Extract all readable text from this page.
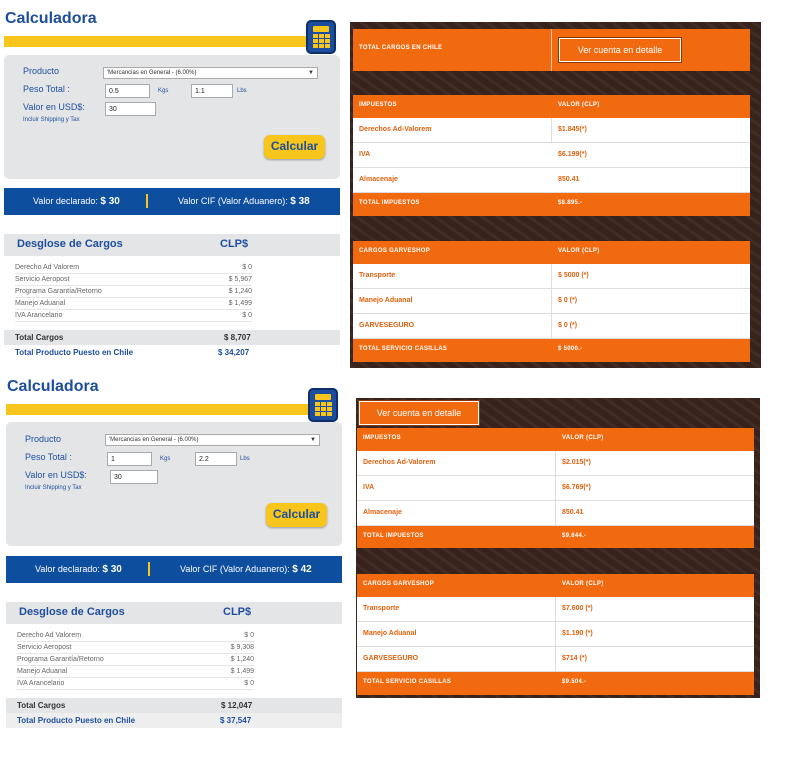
Calculadora
Producto	'Mercancias en General - (6.00%)	▼
Peso Total :	0.5	Kgs	1.1	Lbs
Valor en USD$:	30
Incluir Shipping y Tax
Calcular
Valor declarado: $ 30	Valor CIF (Valor Aduanero): $ 38
Desglose de Cargos	CLP$
Derecho Ad Valorem	$ 0
Servicio Aeropost	$ 5,967
Programa Garantía/Retorno	$ 1,240
Manejo Aduanal	$ 1,499
IVA Arancelario	$ 0
Total Cargos	$ 8,707
Total Producto Puesto en Chile	$ 34,207
TOTAL CARGOS EN CHILE	Ver cuenta en detalle
IMPUESTOS	VALOR (CLP)
Derechos Ad-Valorem	$1.845(*)
IVA	$6.199(*)
Almacenaje	850.41
TOTAL IMPUESTOS	$8.895.-
CARGOS GARVESHOP	VALOR (CLP)
Transporte	$ 5000 (*)
Manejo Aduanal	$ 0 (*)
GARVESEGURO	$ 0 (*)
TOTAL SERVICIO CASILLAS	$ 5000.-
Calculadora
Producto	'Mercancias en General - (6.00%)	▼
Peso Total :	1	Kgs	2.2	Lbs
Valor en USD$:	30
Incluir Shipping y Tax
Calcular
Valor declarado: $ 30	Valor CIF (Valor Aduanero): $ 42
Desglose de Cargos	CLP$
Derecho Ad Valorem	$ 0
Servicio Aeropost	$ 9,308
Programa Garantía/Retorno	$ 1,240
Manejo Aduanal	$ 1,499
IVA Arancelario	$ 0
Total Cargos	$ 12,047
Total Producto Puesto en Chile	$ 37,547
Ver cuenta en detalle
IMPUESTOS	VALOR (CLP)
Derechos Ad-Valorem	$2.015(*)
IVA	$6.769(*)
Almacenaje	850.41
TOTAL IMPUESTOS	$9.644.-
CARGOS GARVESHOP	VALOR (CLP)
Transporte	$7.600 (*)
Manejo Aduanal	$1.190 (*)
GARVESEGURO	$714 (*)
TOTAL SERVICIO CASILLAS	$9.504.-
